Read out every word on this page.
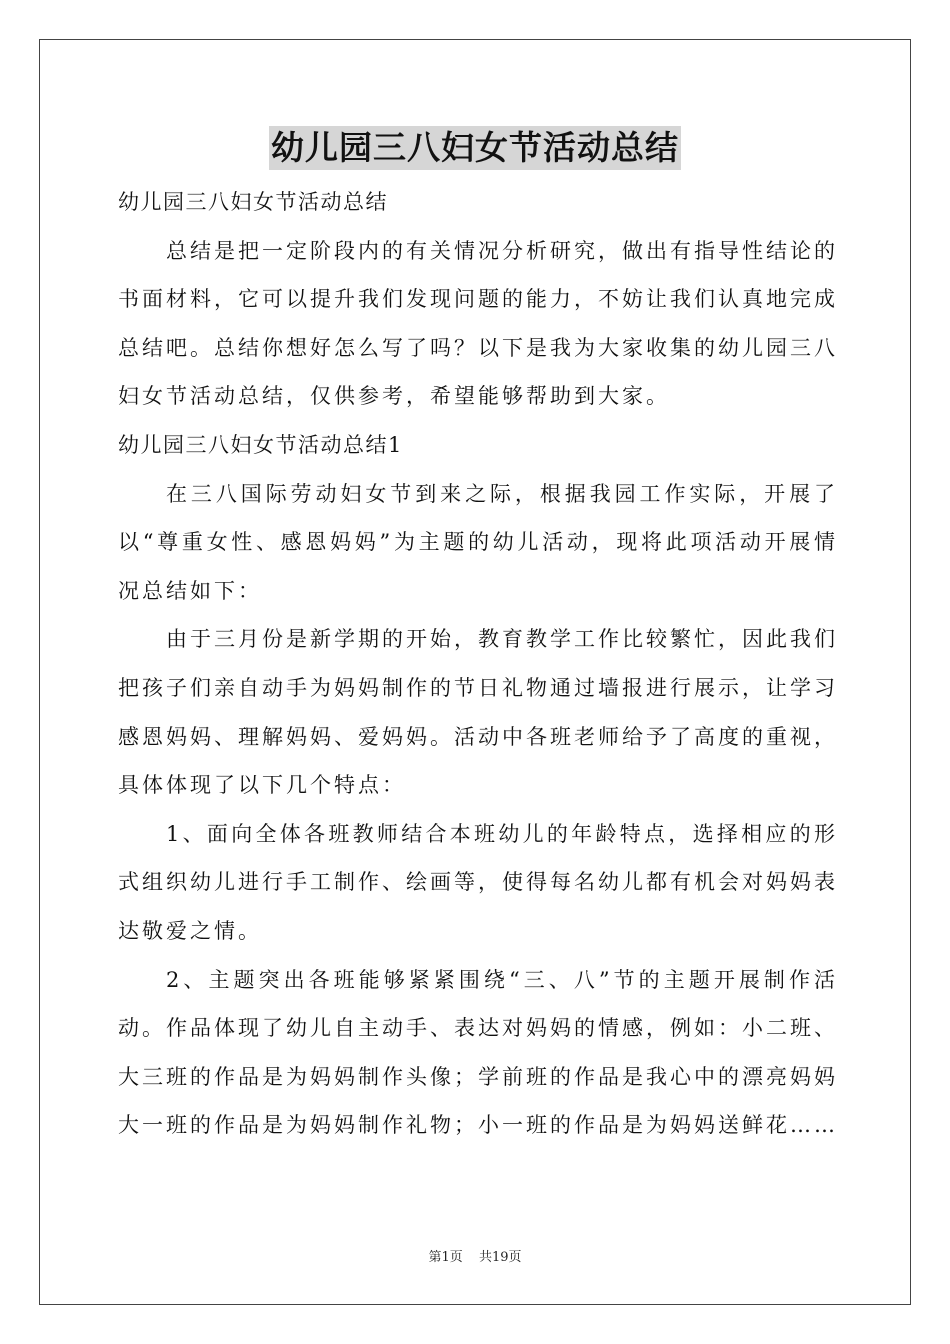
幼儿园三八妇女节活动总结

幼儿园三八妇女节活动总结

总结是把一定阶段内的有关情况分析研究，做出有指导性结论的书面材料，它可以提升我们发现问题的能力，不妨让我们认真地完成总结吧。总结你想好怎么写了吗？以下是我为大家收集的幼儿园三八妇女节活动总结，仅供参考，希望能够帮助到大家。

幼儿园三八妇女节活动总结1

在三八国际劳动妇女节到来之际，根据我园工作实际，开展了以“尊重女性、感恩妈妈”为主题的幼儿活动，现将此项活动开展情况总结如下：

由于三月份是新学期的开始，教育教学工作比较繁忙，因此我们把孩子们亲自动手为妈妈制作的节日礼物通过墙报进行展示，让学习感恩妈妈、理解妈妈、爱妈妈。活动中各班老师给予了高度的重视，具体体现了以下几个特点：

1、面向全体各班教师结合本班幼儿的年龄特点，选择相应的形式组织幼儿进行手工制作、绘画等，使得每名幼儿都有机会对妈妈表达敬爱之情。

2、主题突出各班能够紧紧围绕“三、八”节的主题开展制作活动。作品体现了幼儿自主动手、表达对妈妈的情感，例如：小二班、大三班的作品是为妈妈制作头像；学前班的作品是我心中的漂亮妈妈大一班的作品是为妈妈制作礼物；小一班的作品是为妈妈送鲜花……

第1页 共19页
